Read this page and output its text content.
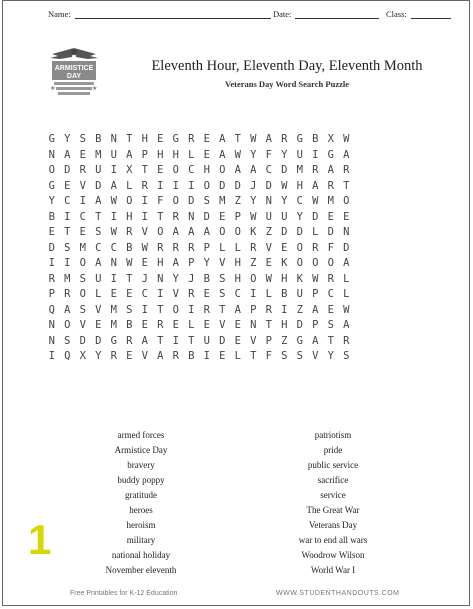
Name:	Date:	Class:
ARMISTICE
DAY
★	★
Eleventh Hour, Eleventh Day, Eleventh Month
Veterans Day Word Search Puzzle
G Y S B N T H E G R E A T W A R G B X W
N A E M U A P H H L E A W Y F Y U I G A
O D R U I X T E O C H O A A C D M R A R
G E V D A L R I I I O D D J D W H A R T
Y C I A W O I F O D S M Z Y N Y C W M O
B I C T I H I T R N D E P W U U Y D E E
E T E S W R V O A A A O O K Z D D L D N
D S M C C B W R R R P L L R V E O R F D
I I O A N W E H A P Y V H Z E K O O O A
R M S U I T J N Y J B S H O W H K W R L
P R O L E E C I V R E S C I L B U P C L
Q A S V M S I T O I R T A P R I Z A E W
N O V E M B E R E L E V E N T H D P S A
N S D D G R A T I T U D E V P Z G A T R
I Q X Y R E V A R B I E L T F S S V Y S
armed forces
Armistice Day
bravery
buddy poppy
gratitude
heroes
heroism
military
national holiday
November eleventh
patriotism
pride
public service
sacrifice
service
The Great War
Veterans Day
war to end all wars
Woodrow Wilson
World War I
1
Free Printables for K-12 Education	WWW.STUDENTHANDOUTS.COM
